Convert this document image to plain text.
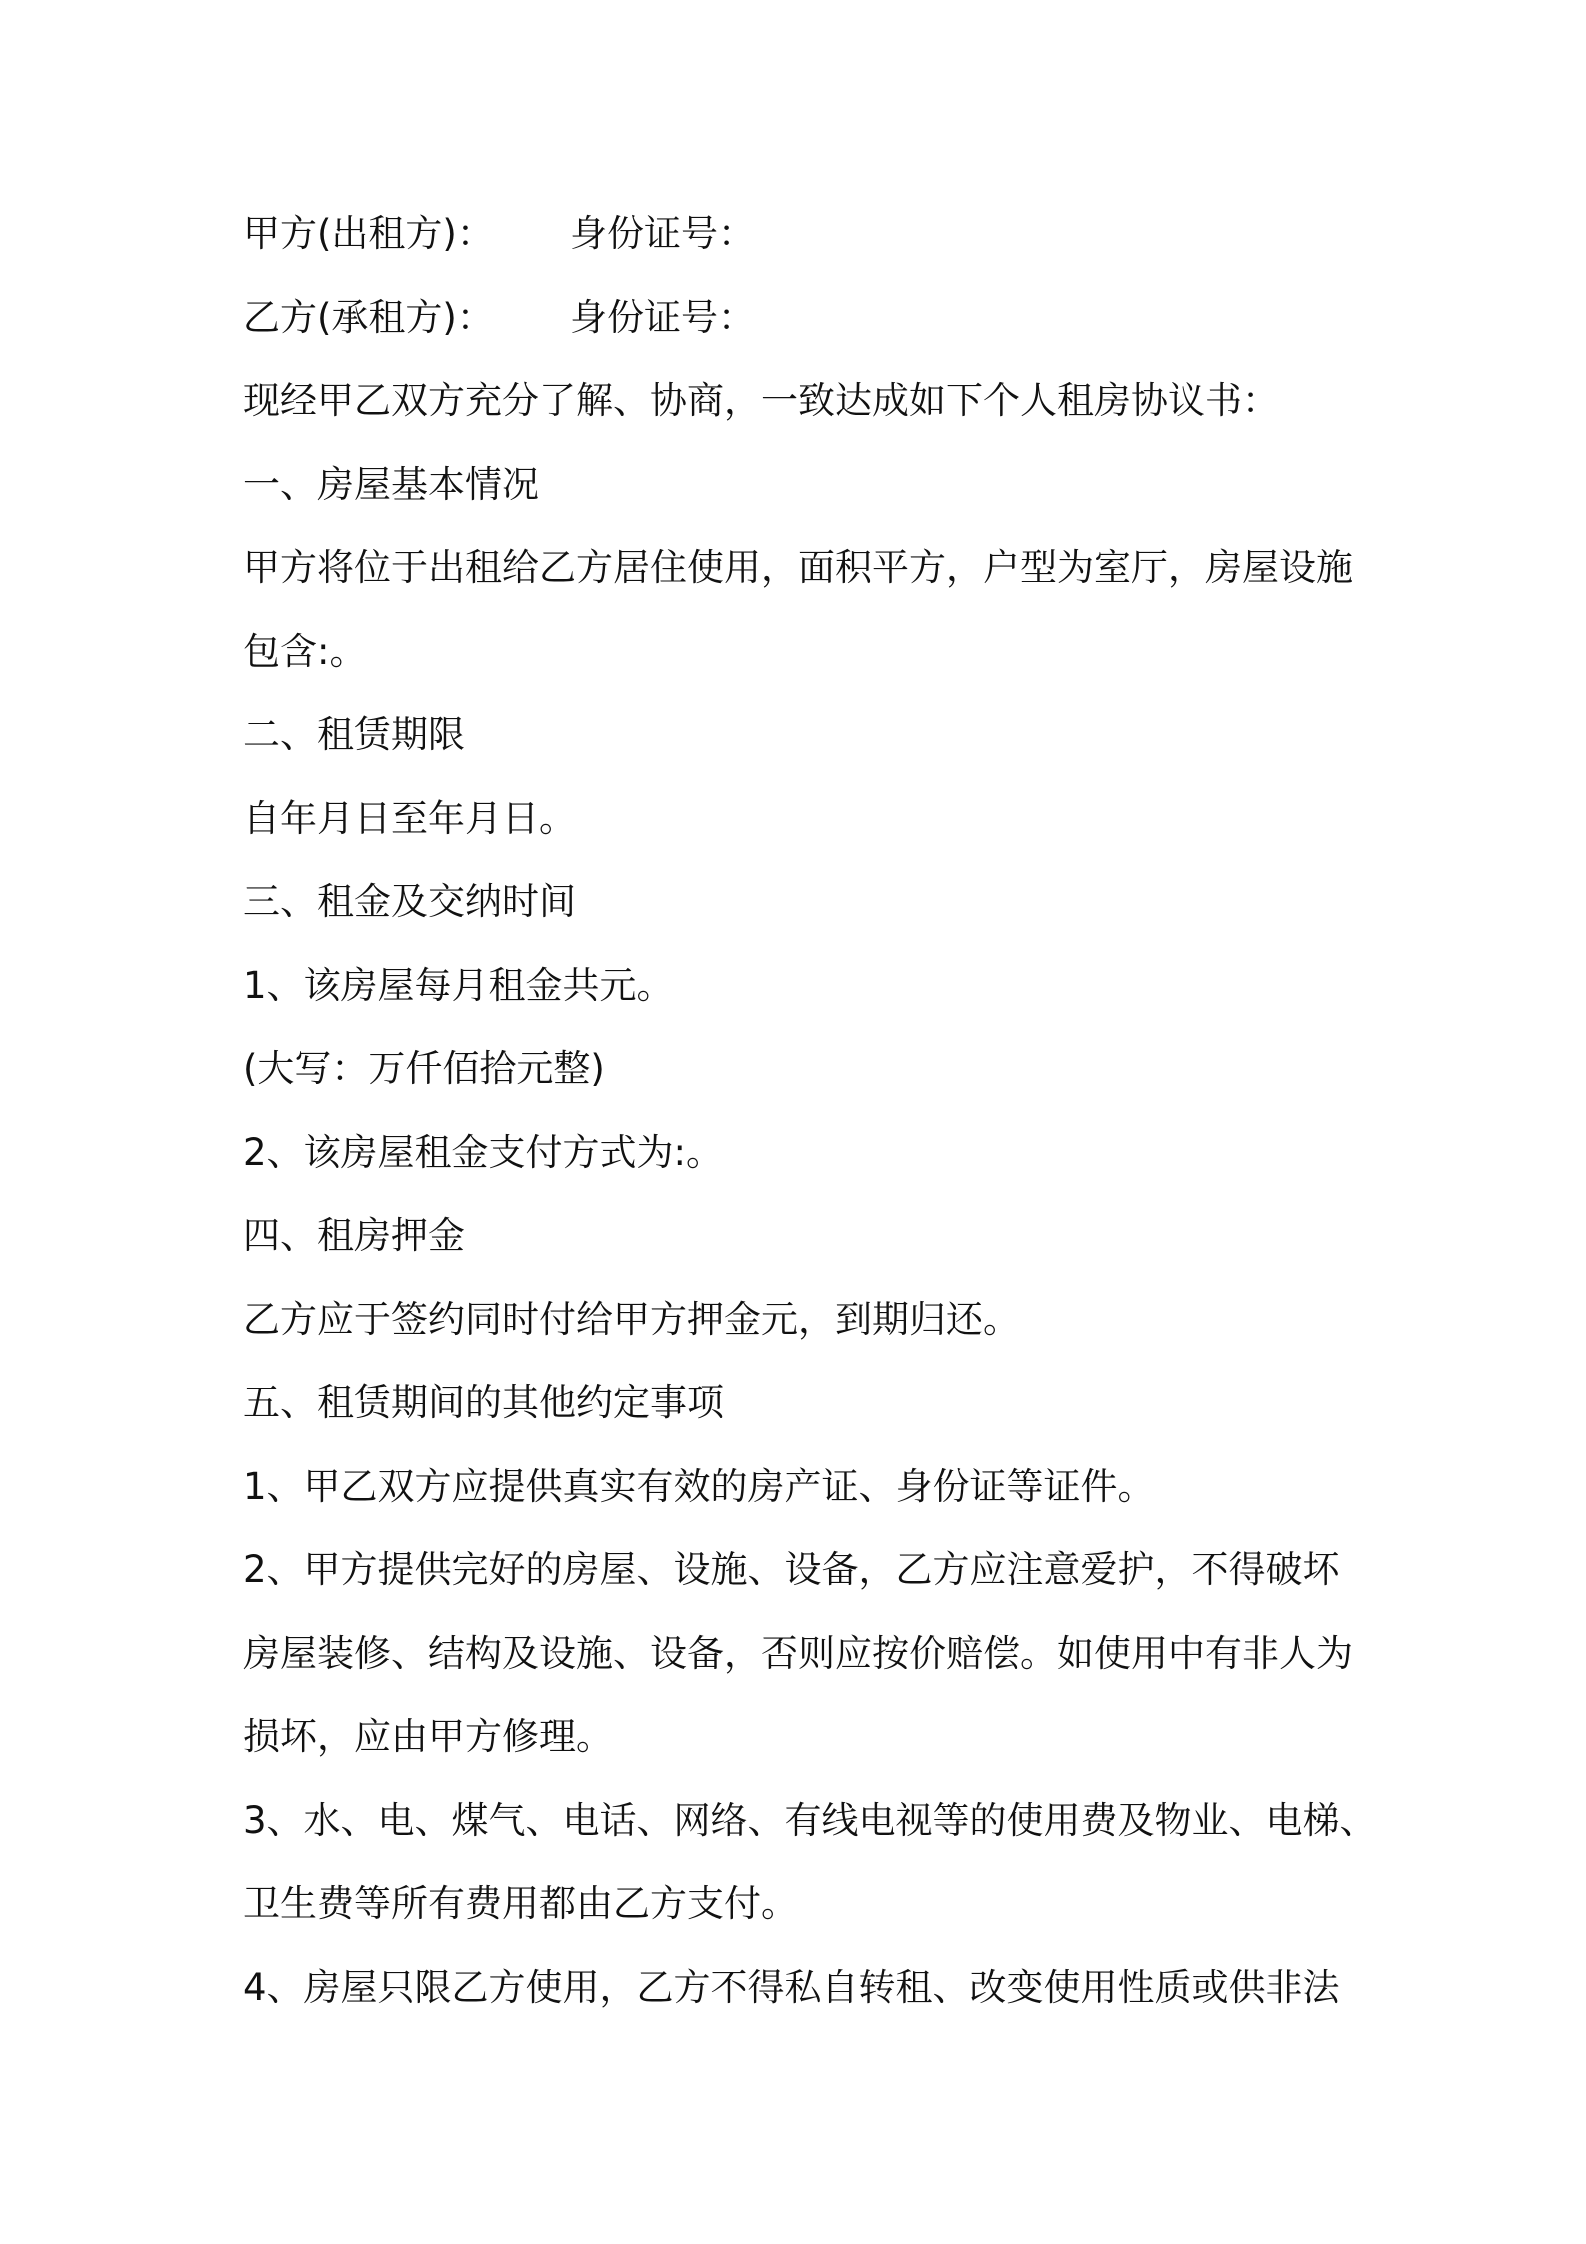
甲方(出租方)：	身份证号：
乙方(承租方)：	身份证号：
现经甲乙双方充分了解、协商，一致达成如下个人租房协议书：
一、房屋基本情况
甲方将位于出租给乙方居住使用，面积平方，户型为室厅，房屋设施
包含:。
二、租赁期限
自年月日至年月日。
三、租金及交纳时间
1、该房屋每月租金共元。
(大写：万仟佰拾元整)
2、该房屋租金支付方式为:。
四、租房押金
乙方应于签约同时付给甲方押金元，到期归还。
五、租赁期间的其他约定事项
1、甲乙双方应提供真实有效的房产证、身份证等证件。
2、甲方提供完好的房屋、设施、设备，乙方应注意爱护，不得破坏
房屋装修、结构及设施、设备，否则应按价赔偿。如使用中有非人为
损坏，应由甲方修理。
3、水、电、煤气、电话、网络、有线电视等的使用费及物业、电梯、
卫生费等所有费用都由乙方支付。
4、房屋只限乙方使用，乙方不得私自转租、改变使用性质或供非法
